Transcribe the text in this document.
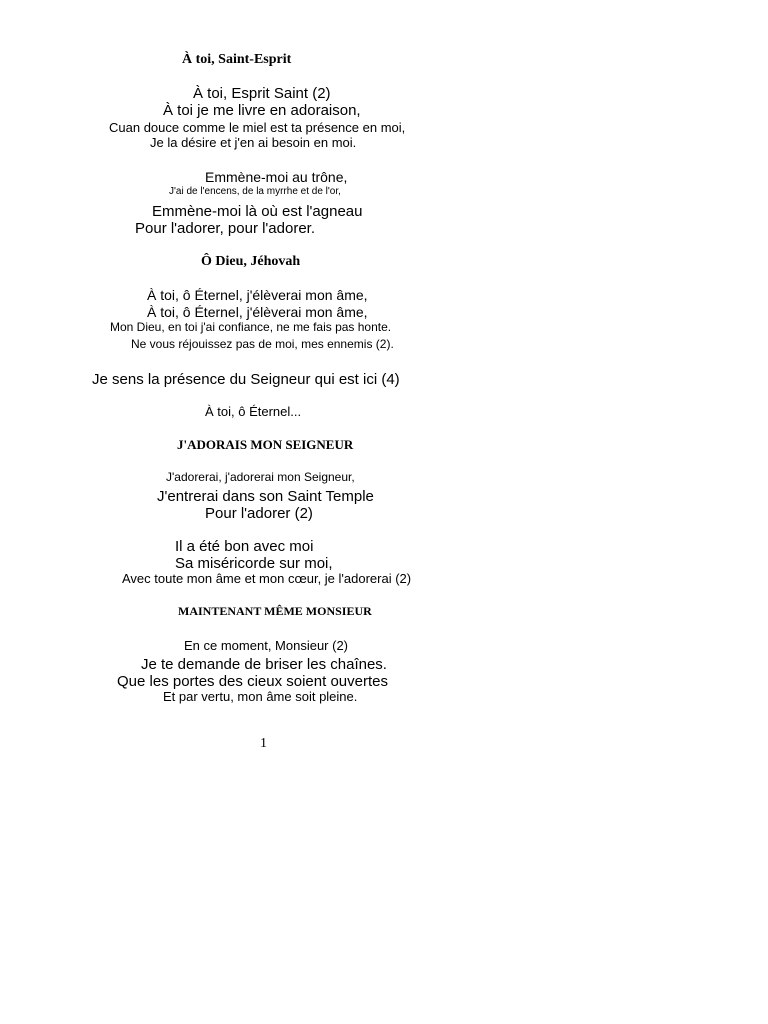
À toi, Saint-Esprit
À toi, Esprit Saint (2)
À toi je me livre en adoraison,
Cuan douce comme le miel est ta présence en moi,
Je la désire et j'en ai besoin en moi.
Emmène-moi au trône,
J'ai de l'encens, de la myrrhe et de l'or,
Emmène-moi là où est l'agneau
Pour l'adorer, pour l'adorer.
Ô Dieu, Jéhovah
À toi, ô Éternel, j'élèverai mon âme,
À toi, ô Éternel, j'élèverai mon âme,
Mon Dieu, en toi j'ai confiance, ne me fais pas honte.
Ne vous réjouissez pas de moi, mes ennemis (2).
Je sens la présence du Seigneur qui est ici (4)
À toi, ô Éternel...
J'ADORAIS MON SEIGNEUR
J'adorerai, j'adorerai mon Seigneur,
J'entrerai dans son Saint Temple
Pour l'adorer (2)
Il a été bon avec moi
Sa miséricorde sur moi,
Avec toute mon âme et mon cœur, je l'adorerai (2)
MAINTENANT MÊME MONSIEUR
En ce moment, Monsieur (2)
Je te demande de briser les chaînes.
Que les portes des cieux soient ouvertes
Et par vertu, mon âme soit pleine.
1
